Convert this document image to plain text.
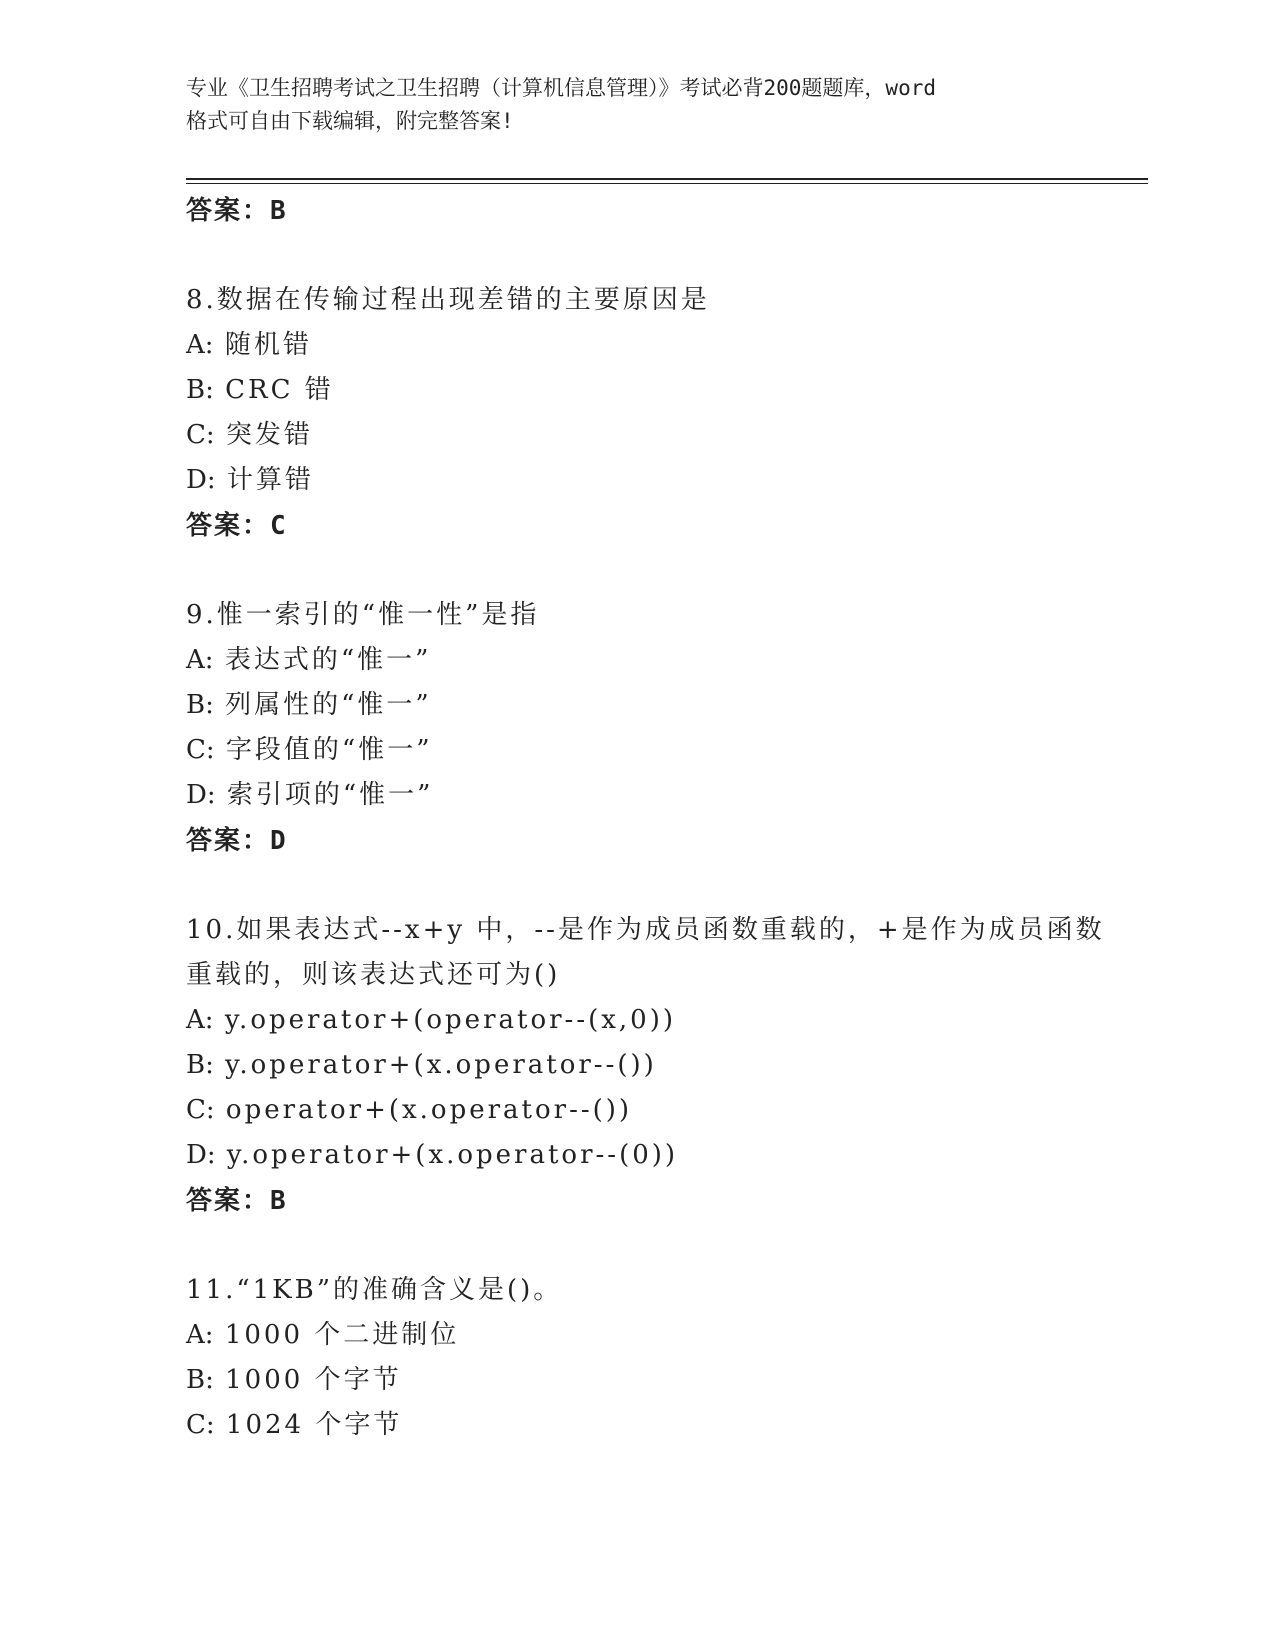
专业《卫生招聘考试之卫生招聘（计算机信息管理）》考试必背200题题库，word
格式可自由下载编辑，附完整答案!
答案：B
8.数据在传输过程出现差错的主要原因是
A: 随机错
B: CRC 错
C: 突发错
D: 计算错
答案：C
9.惟一索引的“惟一性”是指
A: 表达式的“惟一”
B: 列属性的“惟一”
C: 字段值的“惟一”
D: 索引项的“惟一”
答案：D
10.如果表达式--x+y 中，--是作为成员函数重载的，+是作为成员函数
重载的，则该表达式还可为()
A: y.operator+(operator--(x,0))
B: y.operator+(x.operator--())
C: operator+(x.operator--())
D: y.operator+(x.operator--(0))
答案：B
11.“1KB”的准确含义是()。
A: 1000 个二进制位
B: 1000 个字节
C: 1024 个字节
